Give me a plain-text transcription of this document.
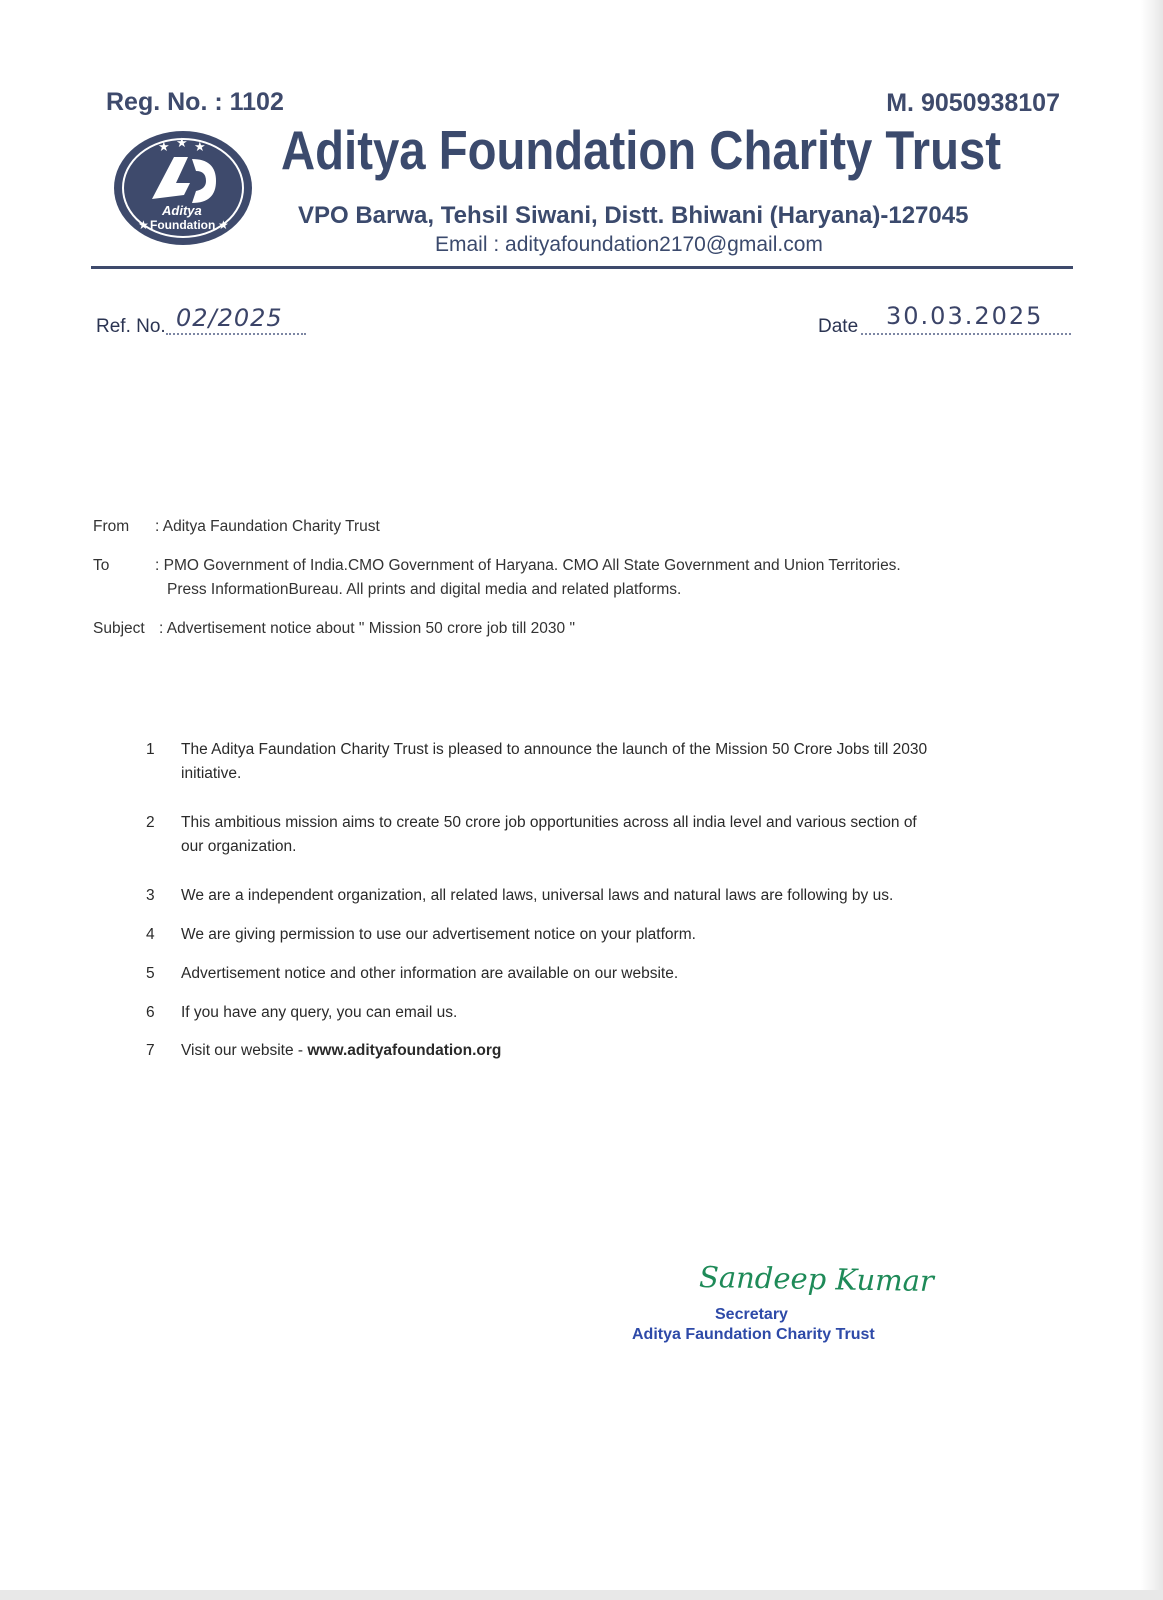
Reg. No. : 1102	M. 9050938107
★ ★ ★
Aditya
★ Foundation ★
Aditya Foundation Charity Trust
VPO Barwa, Tehsil Siwani, Distt. Bhiwani (Haryana)-127045
Email : adityafoundation2170@gmail.com
Ref. No. 02/2025	Date 30.03.2025
From : Aditya Faundation Charity Trust
To	: PMO Government of India.CMO Government of Haryana. CMO All State Government and Union Territories.
Press InformationBureau. All prints and digital media and related platforms.
Subject : Advertisement notice about " Mission 50 crore job till 2030 "
1	The Aditya Faundation Charity Trust is pleased to announce the launch of the Mission 50 Crore Jobs till 2030
initiative.
2	This ambitious mission aims to create 50 crore job opportunities across all india level and various section of
our organization.
3	We are a independent organization, all related laws, universal laws and natural laws are following by us.
4	We are giving permission to use our advertisement notice on your platform.
5	Advertisement notice and other information are available on our website.
6	If you have any query, you can email us.
7	Visit our website - www.adityafoundation.org
Sandeep Kumar
Secretary
Aditya Faundation Charity Trust
